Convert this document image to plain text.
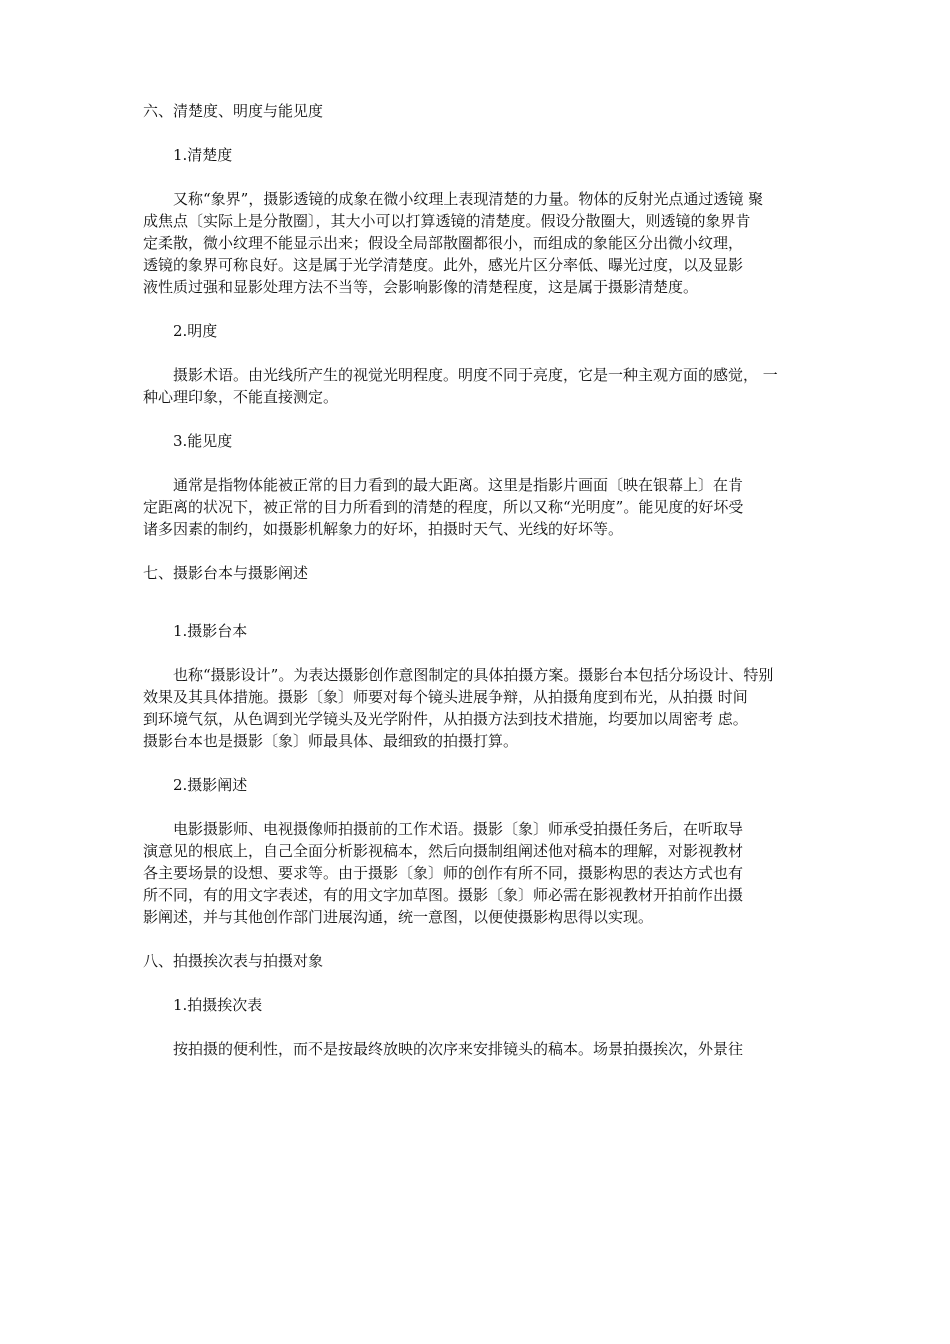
六、清楚度、明度与能见度

1.清楚度

又称“象界”，摄影透镜的成象在微小纹理上表现清楚的力量。物体的反射光点通过透镜 聚

成焦点〔实际上是分散圈〕，其大小可以打算透镜的清楚度。假设分散圈大，则透镜的象界肯

定柔散，微小纹理不能显示出来；假设全局部散圈都很小，而组成的象能区分出微小纹理，

透镜的象界可称良好。这是属于光学清楚度。此外，感光片区分率低、曝光过度，以及显影

液性质过强和显影处理方法不当等，会影响影像的清楚程度，这是属于摄影清楚度。

2.明度

摄影术语。由光线所产生的视觉光明程度。明度不同于亮度，它是一种主观方面的感觉， 一

种心理印象，不能直接测定。

3.能见度

通常是指物体能被正常的目力看到的最大距离。这里是指影片画面〔映在银幕上〕在肯

定距离的状况下，被正常的目力所看到的清楚的程度，所以又称“光明度”。能见度的好坏受

诸多因素的制约，如摄影机解象力的好坏，拍摄时天气、光线的好坏等。

七、摄影台本与摄影阐述

1.摄影台本

也称“摄影设计”。为表达摄影创作意图制定的具体拍摄方案。摄影台本包括分场设计、特别

效果及其具体措施。摄影〔象〕师要对每个镜头进展争辩，从拍摄角度到布光，从拍摄 时间

到环境气氛，从色调到光学镜头及光学附件，从拍摄方法到技术措施，均要加以周密考 虑。

摄影台本也是摄影〔象〕师最具体、最细致的拍摄打算。

2.摄影阐述

电影摄影师、电视摄像师拍摄前的工作术语。摄影〔象〕师承受拍摄任务后，在听取导

演意见的根底上，自己全面分析影视稿本，然后向摄制组阐述他对稿本的理解，对影视教材

各主要场景的设想、要求等。由于摄影〔象〕师的创作有所不同，摄影构思的表达方式也有

所不同，有的用文字表述，有的用文字加草图。摄影〔象〕师必需在影视教材开拍前作出摄

影阐述，并与其他创作部门进展沟通，统一意图，以便使摄影构思得以实现。

八、拍摄挨次表与拍摄对象

1.拍摄挨次表

按拍摄的便利性，而不是按最终放映的次序来安排镜头的稿本。场景拍摄挨次，外景往
